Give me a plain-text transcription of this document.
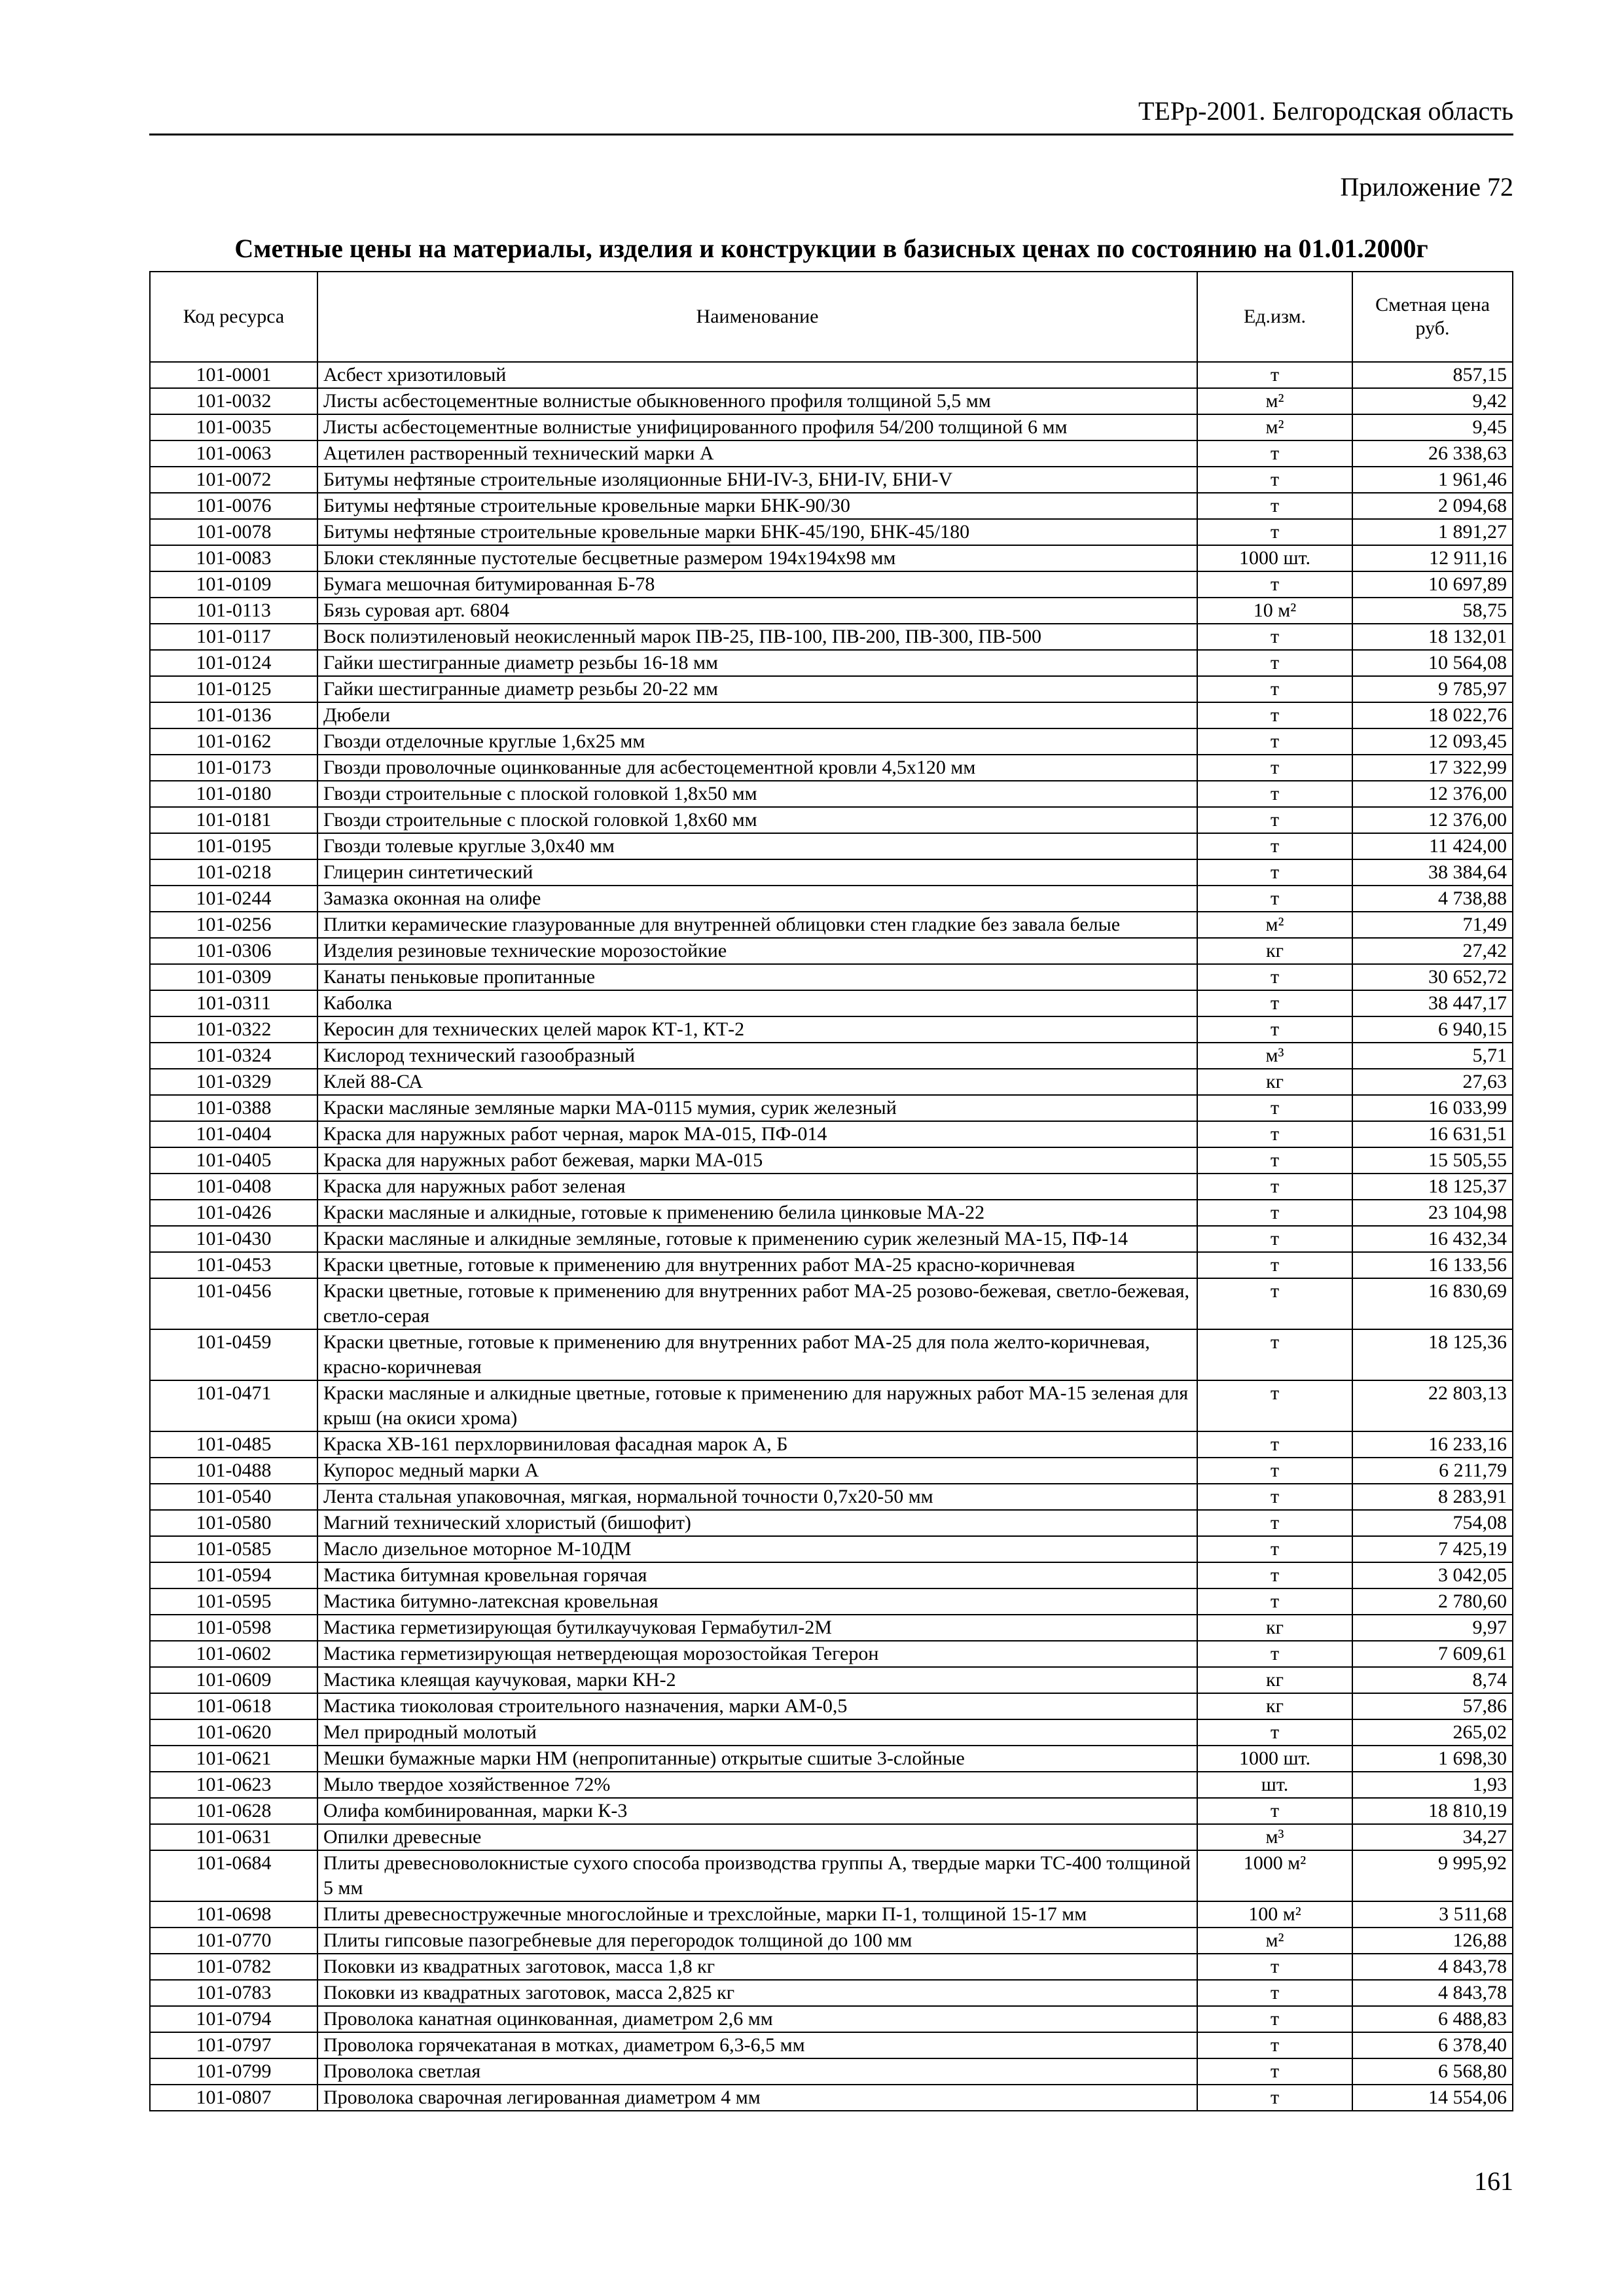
ТЕРр-2001. Белгородская область
Приложение 72
Сметные цены на материалы, изделия и конструкции в базисных ценах по состоянию на 01.01.2000г
Код ресурса	Наименование	Ед.изм.	Сметная цена руб.
101-0001	Асбест хризотиловый	т	857,15
101-0032	Листы асбестоцементные волнистые обыкновенного профиля толщиной 5,5 мм	м²	9,42
101-0035	Листы асбестоцементные волнистые унифицированного профиля 54/200 толщиной 6 мм	м²	9,45
101-0063	Ацетилен растворенный технический марки А	т	26 338,63
101-0072	Битумы нефтяные строительные изоляционные БНИ-IV-3, БНИ-IV, БНИ-V	т	1 961,46
101-0076	Битумы нефтяные строительные кровельные марки БНК-90/30	т	2 094,68
101-0078	Битумы нефтяные строительные кровельные марки БНК-45/190, БНК-45/180	т	1 891,27
101-0083	Блоки стеклянные пустотелые бесцветные размером 194х194х98 мм	1000 шт.	12 911,16
101-0109	Бумага мешочная битумированная Б-78	т	10 697,89
101-0113	Бязь суровая арт. 6804	10 м²	58,75
101-0117	Воск полиэтиленовый неокисленный марок ПВ-25, ПВ-100, ПВ-200, ПВ-300, ПВ-500	т	18 132,01
101-0124	Гайки шестигранные диаметр резьбы 16-18 мм	т	10 564,08
101-0125	Гайки шестигранные диаметр резьбы 20-22 мм	т	9 785,97
101-0136	Дюбели	т	18 022,76
101-0162	Гвозди отделочные круглые 1,6х25 мм	т	12 093,45
101-0173	Гвозди проволочные оцинкованные для асбестоцементной кровли 4,5х120 мм	т	17 322,99
101-0180	Гвозди строительные с плоской головкой 1,8х50 мм	т	12 376,00
101-0181	Гвозди строительные с плоской головкой 1,8х60 мм	т	12 376,00
101-0195	Гвозди толевые круглые 3,0х40 мм	т	11 424,00
101-0218	Глицерин синтетический	т	38 384,64
101-0244	Замазка оконная на олифе	т	4 738,88
101-0256	Плитки керамические глазурованные для внутренней облицовки стен гладкие без завала белые	м²	71,49
101-0306	Изделия резиновые технические морозостойкие	кг	27,42
101-0309	Канаты пеньковые пропитанные	т	30 652,72
101-0311	Каболка	т	38 447,17
101-0322	Керосин для технических целей марок КТ-1, КТ-2	т	6 940,15
101-0324	Кислород технический газообразный	м³	5,71
101-0329	Клей 88-СА	кг	27,63
101-0388	Краски масляные земляные марки МА-0115 мумия, сурик железный	т	16 033,99
101-0404	Краска для наружных работ черная, марок МА-015, ПФ-014	т	16 631,51
101-0405	Краска для наружных работ бежевая, марки МА-015	т	15 505,55
101-0408	Краска для наружных работ зеленая	т	18 125,37
101-0426	Краски масляные и алкидные, готовые к применению белила цинковые МА-22	т	23 104,98
101-0430	Краски масляные и алкидные земляные, готовые к применению сурик железный МА-15, ПФ-14	т	16 432,34
101-0453	Краски цветные, готовые к применению для внутренних работ МА-25 красно-коричневая	т	16 133,56
101-0456	Краски цветные, готовые к применению для внутренних работ МА-25 розово-бежевая, светло-бежевая, светло-серая	т	16 830,69
101-0459	Краски цветные, готовые к применению для внутренних работ МА-25 для пола желто-коричневая, красно-коричневая	т	18 125,36
101-0471	Краски масляные и алкидные цветные, готовые к применению для наружных работ МА-15 зеленая для крыш (на окиси хрома)	т	22 803,13
101-0485	Краска ХВ-161 перхлорвиниловая фасадная марок А, Б	т	16 233,16
101-0488	Купорос медный марки А	т	6 211,79
101-0540	Лента стальная упаковочная, мягкая, нормальной точности 0,7х20-50 мм	т	8 283,91
101-0580	Магний технический хлористый (бишофит)	т	754,08
101-0585	Масло дизельное моторное М-10ДМ	т	7 425,19
101-0594	Мастика битумная кровельная горячая	т	3 042,05
101-0595	Мастика битумно-латексная кровельная	т	2 780,60
101-0598	Мастика герметизирующая бутилкаучуковая Гермабутил-2М	кг	9,97
101-0602	Мастика герметизирующая нетвердеющая морозостойкая Тегерон	т	7 609,61
101-0609	Мастика клеящая каучуковая, марки КН-2	кг	8,74
101-0618	Мастика тиоколовая строительного назначения, марки АМ-0,5	кг	57,86
101-0620	Мел природный молотый	т	265,02
101-0621	Мешки бумажные марки НМ (непропитанные) открытые сшитые 3-слойные	1000 шт.	1 698,30
101-0623	Мыло твердое хозяйственное 72%	шт.	1,93
101-0628	Олифа комбинированная, марки К-3	т	18 810,19
101-0631	Опилки древесные	м³	34,27
101-0684	Плиты древесноволокнистые сухого способа производства группы А, твердые марки ТС-400 толщиной 5 мм	1000 м²	9 995,92
101-0698	Плиты древесностружечные многослойные и трехслойные, марки П-1, толщиной 15-17 мм	100 м²	3 511,68
101-0770	Плиты гипсовые пазогребневые для перегородок толщиной до 100 мм	м²	126,88
101-0782	Поковки из квадратных заготовок, масса 1,8 кг	т	4 843,78
101-0783	Поковки из квадратных заготовок, масса 2,825 кг	т	4 843,78
101-0794	Проволока канатная оцинкованная, диаметром 2,6 мм	т	6 488,83
101-0797	Проволока горячекатаная в мотках, диаметром 6,3-6,5 мм	т	6 378,40
101-0799	Проволока светлая	т	6 568,80
101-0807	Проволока сварочная легированная диаметром 4 мм	т	14 554,06
161
